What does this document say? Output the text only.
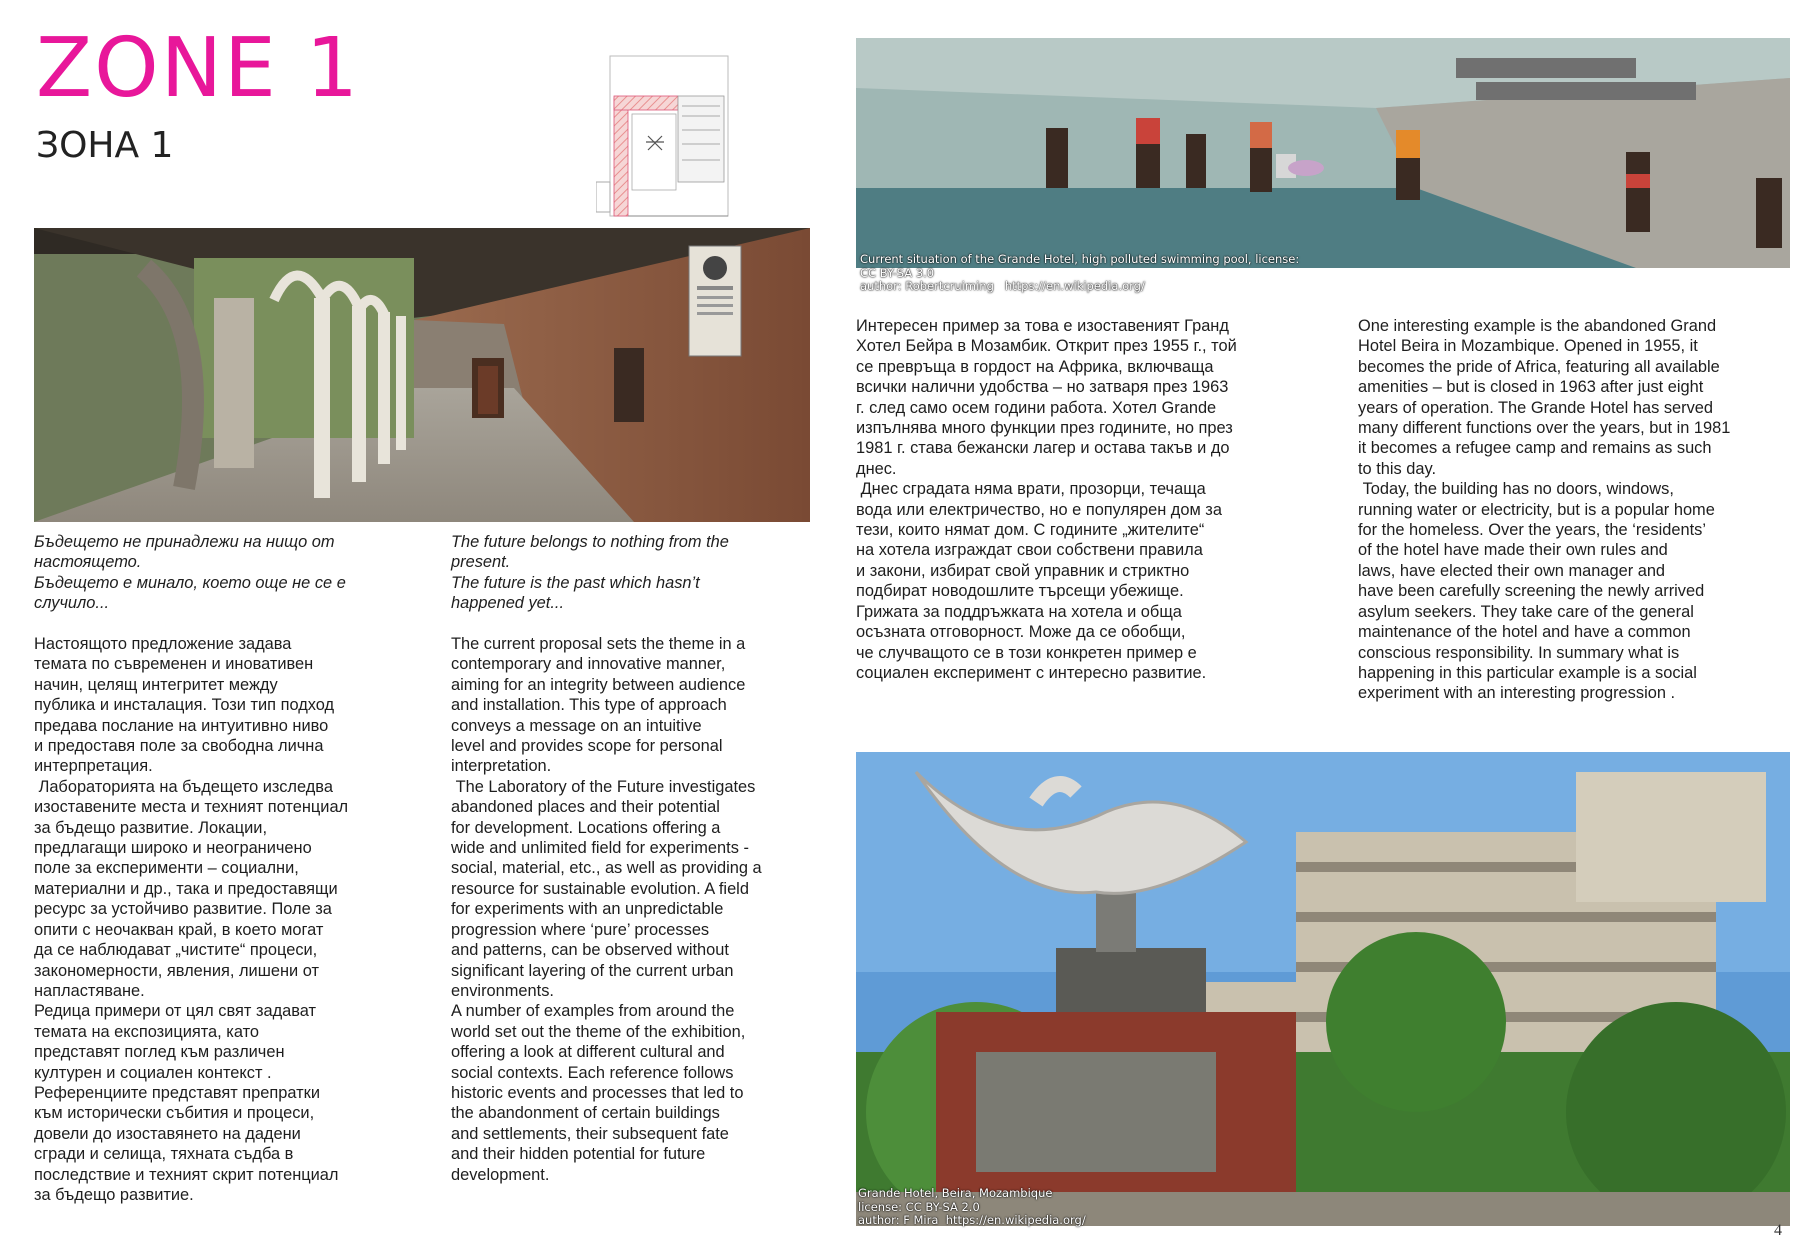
ZONE 1
ЗОНА 1
Current situation of the Grande Hotel, high polluted swimming pool, license:
CC BY-SA 3.0
author: Robertcruiming   https://en.wikipedia.org/
Grande Hotel, Beira, Mozambique
license: CC BY-SA 2.0
author: F Mira  https://en.wikipedia.org/
Бъдещето не принадлежи на нищо от
настоящето.
Бъдещето е минало, което още не се е
случило...
Настоящото предложение задава
темата по съвременен и иновативен
начин, целящ интегритет между
публика и инсталация. Този тип подход
предава послание на интуитивно ниво
и предоставя поле за свободна лична
интерпретация.
Лабораторията на бъдещето изследва
изоставените места и техният потенциал
за бъдещо развитие. Локации,
предлагащи широко и неограничено
поле за експерименти – социални,
материални и др., така и предоставящи
ресурс за устойчиво развитие. Поле за
опити с неочакван край, в което могат
да се наблюдават „чистите“ процеси,
закономерности, явления, лишени от
напластяване.
Редица примери от цял свят задават
темата на експозицията, като
представят поглед към различен
културен и социален контекст .
Референциите представят препратки
към исторически събития и процеси,
довели до изоставянето на дадени
сгради и селища, тяхната съдба в
последствие и техният скрит потенциал
за бъдещо развитие.
The future belongs to nothing from the
present.
The future is the past which hasn’t
happened yet...
The current proposal sets the theme in a
contemporary and innovative manner,
aiming for an integrity between audience
and installation. This type of approach
conveys a message on an intuitive
level and provides scope for personal
interpretation.
The Laboratory of the Future investigates
abandoned places and their potential
for development. Locations offering a
wide and unlimited field for experiments -
social, material, etc., as well as providing a
resource for sustainable evolution. A field
for experiments with an unpredictable
progression where ‘pure’ processes
and patterns, can be observed without
significant layering of the current urban
environments.
A number of examples from around the
world set out the theme of the exhibition,
offering a look at different cultural and
social contexts. Each reference follows
historic events and processes that led to
the abandonment of certain buildings
and settlements, their subsequent fate
and their hidden potential for future
development.
Интересен пример за това е изоставеният Гранд
Хотел Бейра в Мозамбик. Открит през 1955 г., той
се превръща в гордост на Африка, включваща
всички налични удобства – но затваря през 1963
г. след само осем години работа. Хотел Grande
изпълнява много функции през годините, но през
1981 г. става бежански лагер и остава такъв и до
днес.
Днес сградата няма врати, прозорци, течаща
вода или електричество, но е популярен дом за
тези, които нямат дом. С годините „жителите“
на хотела изграждат свои собствени правила
и закони, избират свой управник и стриктно
подбират новодошлите търсещи убежище.
Грижата за поддръжката на хотела и обща
осъзната отговорност. Може да се обобщи,
че случващото се в този конкретен пример е
социален експеримент с интересно развитие.
One interesting example is the abandoned Grand
Hotel Beira in Mozambique. Opened in 1955, it
becomes the pride of Africa, featuring all available
amenities – but is closed in 1963 after just eight
years of operation. The Grande Hotel has served
many different functions over the years, but in 1981
it becomes a refugee camp and remains as such
to this day.
Today, the building has no doors, windows,
running water or electricity, but is a popular home
for the homeless. Over the years, the ‘residents’
of the hotel have made their own rules and
laws, have elected their own manager and
have been carefully screening the newly arrived
asylum seekers. They take care of the general
maintenance of the hotel and have a common
conscious responsibility. In summary what is
happening in this particular example is a social
experiment with an interesting progression .
4
